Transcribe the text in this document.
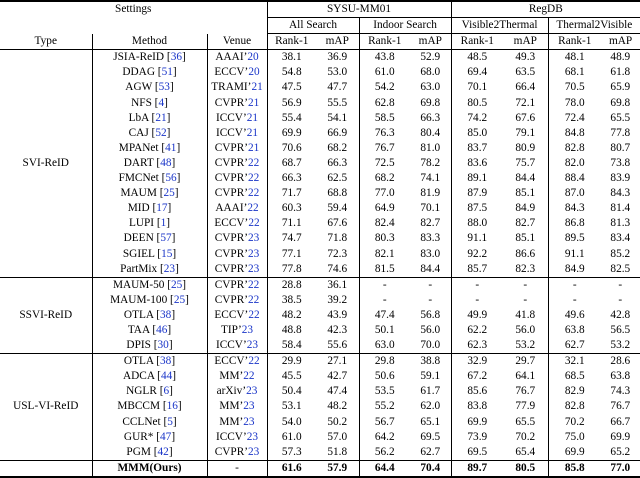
Settings			SYSU-MM01				RegDB			
			All Search		Indoor Search		Visible2Thermal		Thermal2Visible	
Type	Method	Venue	Rank-1	mAP	Rank-1	mAP	Rank-1	mAP	Rank-1	mAP
SVI-ReID	JSIA-ReID [36]	AAAI’20	38.1	36.9	43.8	52.9	48.5	49.3	48.1	48.9
	DDAG [51]	ECCV’20	54.8	53.0	61.0	68.0	69.4	63.5	68.1	61.8
	AGW [53]	TRAMI’21	47.5	47.7	54.2	63.0	70.1	66.4	70.5	65.9
	NFS [4]	CVPR’21	56.9	55.5	62.8	69.8	80.5	72.1	78.0	69.8
	LbA [21]	ICCV’21	55.4	54.1	58.5	66.3	74.2	67.6	72.4	65.5
	CAJ [52]	ICCV’21	69.9	66.9	76.3	80.4	85.0	79.1	84.8	77.8
	MPANet [41]	CVPR’21	70.6	68.2	76.7	81.0	83.7	80.9	82.8	80.7
	DART [48]	CVPR’22	68.7	66.3	72.5	78.2	83.6	75.7	82.0	73.8
	FMCNet [56]	CVPR’22	66.3	62.5	68.2	74.1	89.1	84.4	88.4	83.9
	MAUM [25]	CVPR’22	71.7	68.8	77.0	81.9	87.9	85.1	87.0	84.3
	MID [17]	AAAI’22	60.3	59.4	64.9	70.1	87.5	84.9	84.3	81.4
	LUPI [1]	ECCV’22	71.1	67.6	82.4	82.7	88.0	82.7	86.8	81.3
	DEEN [57]	CVPR’23	74.7	71.8	80.3	83.3	91.1	85.1	89.5	83.4
	SGIEL [15]	CVPR’23	77.1	72.3	82.1	83.0	92.2	86.6	91.1	85.2
	PartMix [23]	CVPR’23	77.8	74.6	81.5	84.4	85.7	82.3	84.9	82.5
SSVI-ReID	MAUM-50 [25]	CVPR’22	28.8	36.1	-	-	-	-	-	-
	MAUM-100 [25]	CVPR’22	38.5	39.2	-	-	-	-	-	-
	OTLA [38]	ECCV’22	48.2	43.9	47.4	56.8	49.9	41.8	49.6	42.8
	TAA [46]	TIP’23	48.8	42.3	50.1	56.0	62.2	56.0	63.8	56.5
	DPIS [30]	ICCV’23	58.4	55.6	63.0	70.0	62.3	53.2	62.7	53.2
USL-VI-ReID	OTLA [38]	ECCV’22	29.9	27.1	29.8	38.8	32.9	29.7	32.1	28.6
	ADCA [44]	MM’22	45.5	42.7	50.6	59.1	67.2	64.1	68.5	63.8
	NGLR [6]	arXiv’23	50.4	47.4	53.5	61.7	85.6	76.7	82.9	74.3
	MBCCM [16]	MM’23	53.1	48.2	55.2	62.0	83.8	77.9	82.8	76.7
	CCLNet [5]	MM’23	54.0	50.2	56.7	65.1	69.9	65.5	70.2	66.7
	GUR* [47]	ICCV’23	61.0	57.0	64.2	69.5	73.9	70.2	75.0	69.9
	PGM [42]	CVPR’23	57.3	51.8	56.2	62.7	69.5	65.4	69.9	65.2
	MMM(Ours)	-	61.6	57.9	64.4	70.4	89.7	80.5	85.8	77.0
